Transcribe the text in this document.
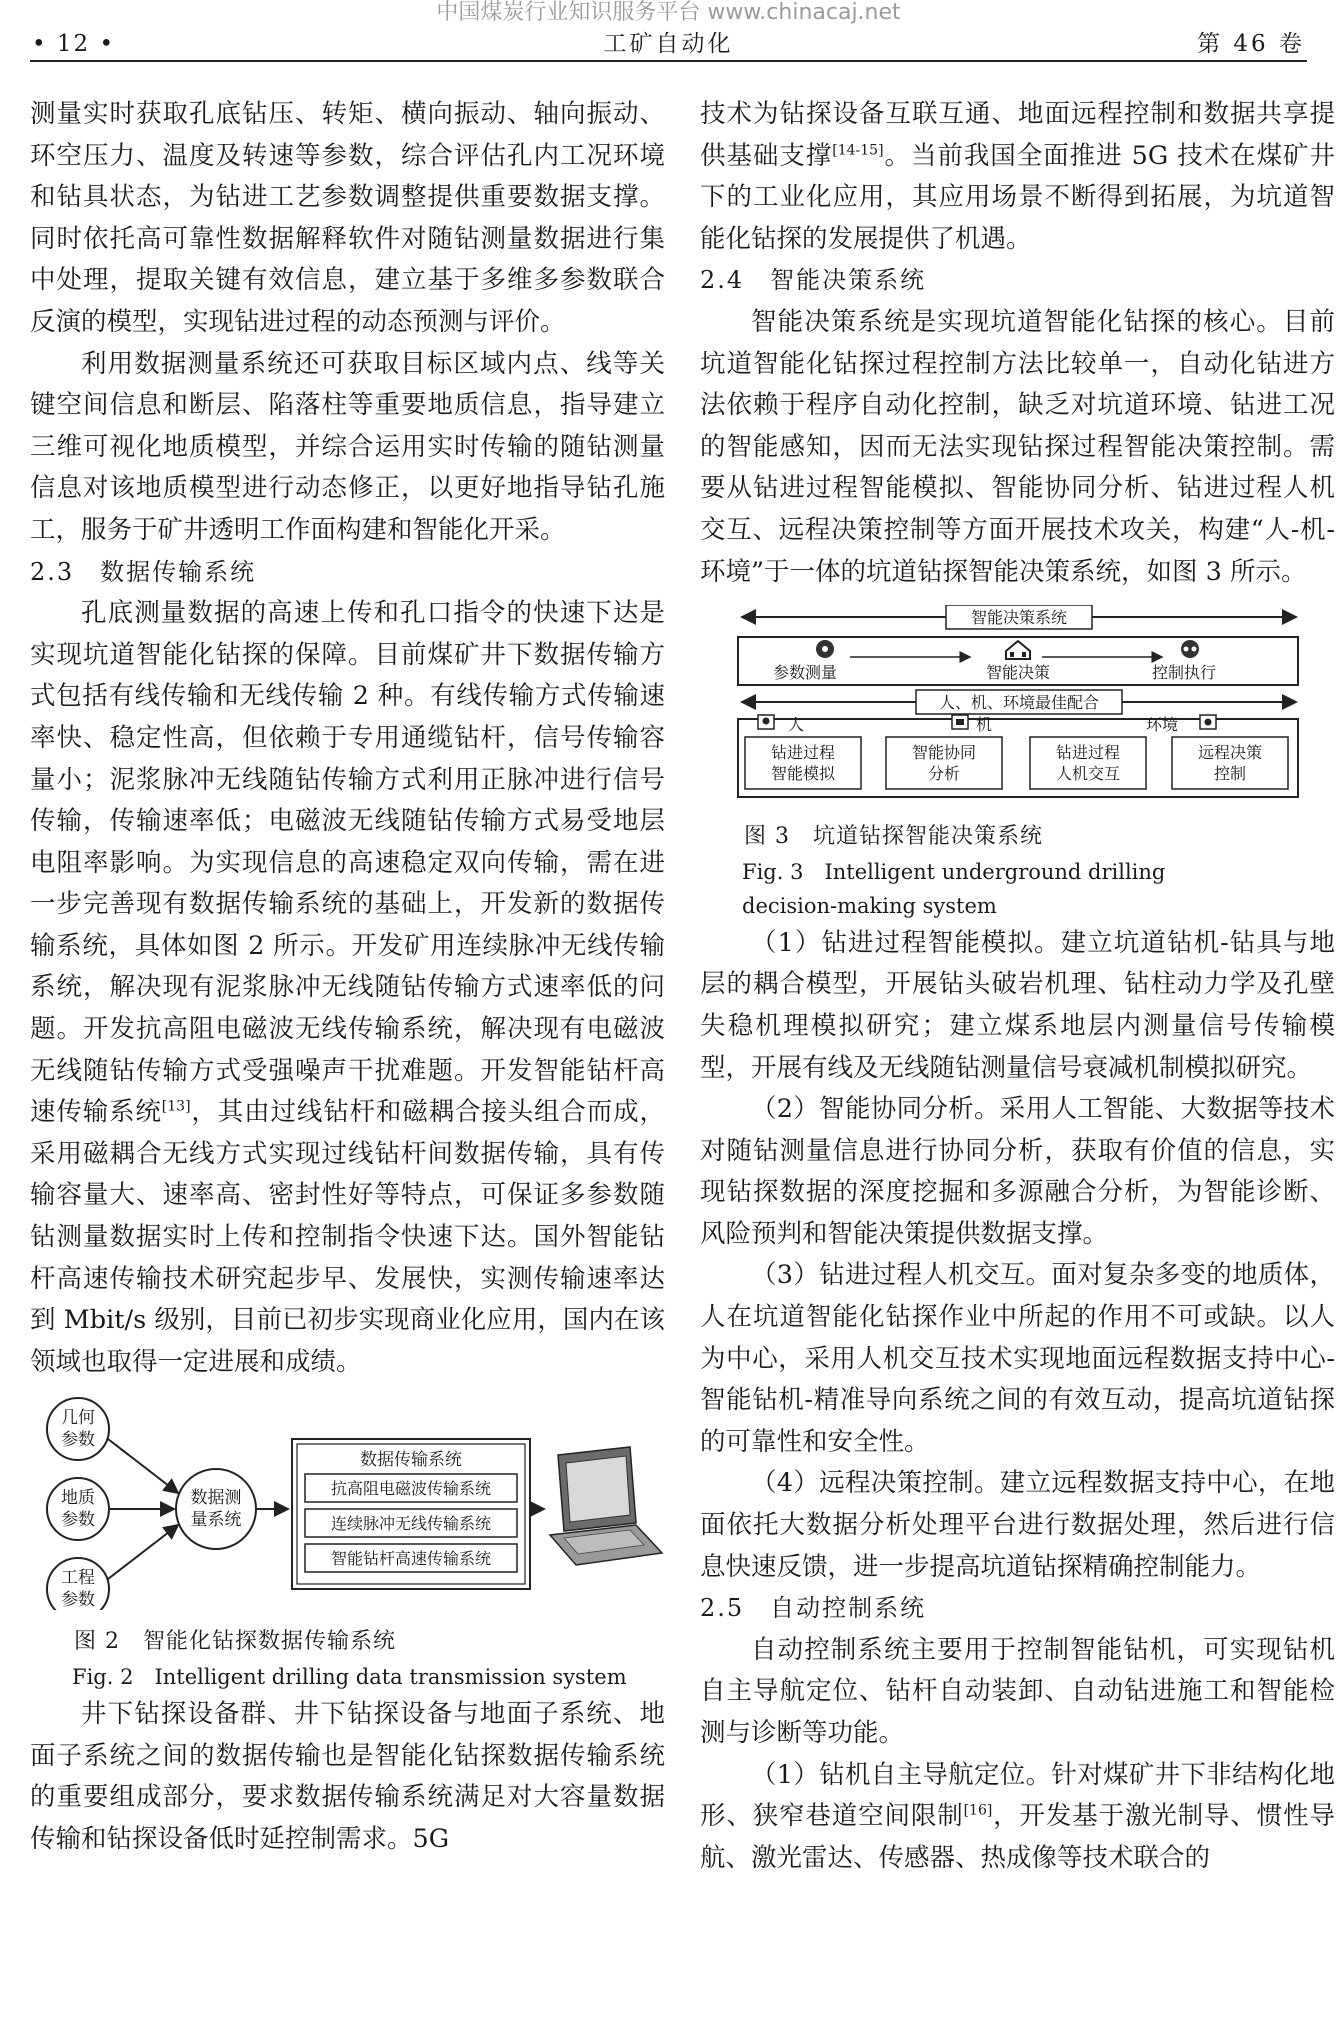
中国煤炭行业知识服务平台 www.chinacaj.net
• 12 •	工矿自动化	第 46 卷

测量实时获取孔底钻压、转矩、横向振动、轴向振动、环空压力、温度及转速等参数，综合评估孔内工况环境和钻具状态，为钻进工艺参数调整提供重要数据支撑。同时依托高可靠性数据解释软件对随钻测量数据进行集中处理，提取关键有效信息，建立基于多维多参数联合反演的模型，实现钻进过程的动态预测与评价。

利用数据测量系统还可获取目标区域内点、线等关键空间信息和断层、陷落柱等重要地质信息，指导建立三维可视化地质模型，并综合运用实时传输的随钻测量信息对该地质模型进行动态修正，以更好地指导钻孔施工，服务于矿井透明工作面构建和智能化开采。

2.3　数据传输系统

孔底测量数据的高速上传和孔口指令的快速下达是实现坑道智能化钻探的保障。目前煤矿井下数据传输方式包括有线传输和无线传输 2 种。有线传输方式传输速率快、稳定性高，但依赖于专用通缆钻杆，信号传输容量小；泥浆脉冲无线随钻传输方式利用正脉冲进行信号传输，传输速率低；电磁波无线随钻传输方式易受地层电阻率影响。为实现信息的高速稳定双向传输，需在进一步完善现有数据传输系统的基础上，开发新的数据传输系统，具体如图 2 所示。开发矿用连续脉冲无线传输系统，解决现有泥浆脉冲无线随钻传输方式速率低的问题。开发抗高阻电磁波无线传输系统，解决现有电磁波无线随钻传输方式受强噪声干扰难题。开发智能钻杆高速传输系统[13]，其由过线钻杆和磁耦合接头组合而成，采用磁耦合无线方式实现过线钻杆间数据传输，具有传输容量大、速率高、密封性好等特点，可保证多参数随钻测量数据实时上传和控制指令快速下达。国外智能钻杆高速传输技术研究起步早、发展快，实测传输速率达到 Mbit/s 级别，目前已初步实现商业化应用，国内在该领域也取得一定进展和成绩。

几何
参数
地质
参数
工程
参数
数据测
量系统
数据传输系统
抗高阻电磁波传输系统
连续脉冲无线传输系统
智能钻杆高速传输系统

图 2　智能化钻探数据传输系统

Fig. 2　Intelligent drilling data transmission system

井下钻探设备群、井下钻探设备与地面子系统、地面子系统之间的数据传输也是智能化钻探数据传输系统的重要组成部分，要求数据传输系统满足对大容量数据传输和钻探设备低时延控制需求。5G

技术为钻探设备互联互通、地面远程控制和数据共享提供基础支撑[14-15]。当前我国全面推进 5G 技术在煤矿井下的工业化应用，其应用场景不断得到拓展，为坑道智能化钻探的发展提供了机遇。

2.4　智能决策系统

智能决策系统是实现坑道智能化钻探的核心。目前坑道智能化钻探过程控制方法比较单一，自动化钻进方法依赖于程序自动化控制，缺乏对坑道环境、钻进工况的智能感知，因而无法实现钻探过程智能决策控制。需要从钻进过程智能模拟、智能协同分析、钻进过程人机交互、远程决策控制等方面开展技术攻关，构建“人-机-环境”于一体的坑道钻探智能决策系统，如图 3 所示。

智能决策系统
参数测量	智能决策	控制执行
人、机、环境最佳配合
人	机	环境
钻进过程
智能模拟
智能协同
分析
钻进过程
人机交互
远程决策
控制

图 3　坑道钻探智能决策系统

Fig. 3　Intelligent underground drilling

decision-making system

（1）钻进过程智能模拟。建立坑道钻机-钻具与地层的耦合模型，开展钻头破岩机理、钻柱动力学及孔壁失稳机理模拟研究；建立煤系地层内测量信号传输模型，开展有线及无线随钻测量信号衰减机制模拟研究。

（2）智能协同分析。采用人工智能、大数据等技术对随钻测量信息进行协同分析，获取有价值的信息，实现钻探数据的深度挖掘和多源融合分析，为智能诊断、风险预判和智能决策提供数据支撑。

（3）钻进过程人机交互。面对复杂多变的地质体，人在坑道智能化钻探作业中所起的作用不可或缺。以人为中心，采用人机交互技术实现地面远程数据支持中心-智能钻机-精准导向系统之间的有效互动，提高坑道钻探的可靠性和安全性。

（4）远程决策控制。建立远程数据支持中心，在地面依托大数据分析处理平台进行数据处理，然后进行信息快速反馈，进一步提高坑道钻探精确控制能力。

2.5　自动控制系统

自动控制系统主要用于控制智能钻机，可实现钻机自主导航定位、钻杆自动装卸、自动钻进施工和智能检测与诊断等功能。

（1）钻机自主导航定位。针对煤矿井下非结构化地形、狭窄巷道空间限制[16]，开发基于激光制导、惯性导航、激光雷达、传感器、热成像等技术联合的
